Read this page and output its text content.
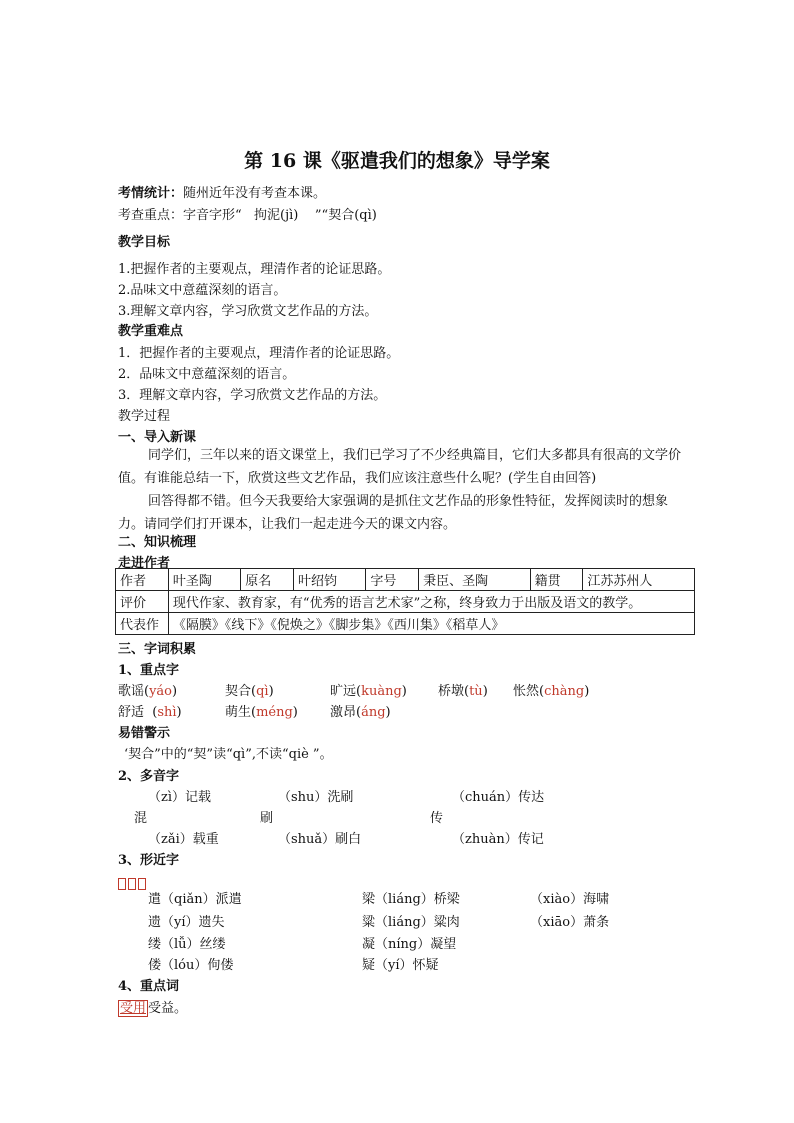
第 16 课《驱遣我们的想象》导学案
考情统计：随州近年没有考查本课。
考查重点：字音字形“   拘泥(jì)    ”“契合(qì)
教学目标
1.把握作者的主要观点，理清作者的论证思路。
2.品味文中意蕴深刻的语言。
3.理解文章内容，学习欣赏文艺作品的方法。
教学重难点
1．把握作者的主要观点，理清作者的论证思路。
2．品味文中意蕴深刻的语言。
3．理解文章内容，学习欣赏文艺作品的方法。
教学过程
一、导入新课

同学们，三年以来的语文课堂上，我们已学习了不少经典篇目，它们大多都具有很高的文学价值。有谁能总结一下，欣赏这些文艺作品，我们应该注意些什么呢？(学生自由回答)

回答得都不错。但今天我要给大家强调的是抓住文艺作品的形象性特征，发挥阅读时的想象力。请同学们打开课本，让我们一起走进今天的课文内容。

二、知识梳理
走进作者
作者	叶圣陶	原名	叶绍钧	字号	秉臣、圣陶	籍贯	江苏苏州人
评价	现代作家、教育家，有“优秀的语言艺术家”之称，终身致力于出版及语文的教学。						
代表作	《隔膜》《线下》《倪焕之》《脚步集》《西川集》《稻草人》						
三、字词积累
1、重点字
歌谣(yáo)	契合(qì)	旷远(kuàng) 桥墩(tù) 怅然(chàng)
舒适  (shì)	萌生(méng) 激昂(áng)
易错警示
‘契合”中的“契”读“qì”,不读“qiè ”。
2、多音字
（zì）记载	（shu）洗刷	（chuán）传达
混	刷	传
（zǎi）载重	（shuǎ）刷白	（zhuàn）传记
3、形近字
遣（qiǎn）派遣	梁（liáng）桥梁	（xiào）海啸
遗（yí）遗失	粱（liáng）粱肉	（xiāo）萧条
缕（lǚ）丝缕	凝（níng）凝望
偻（lóu）佝偻	疑（yí）怀疑
4、重点词
受用 受益。
